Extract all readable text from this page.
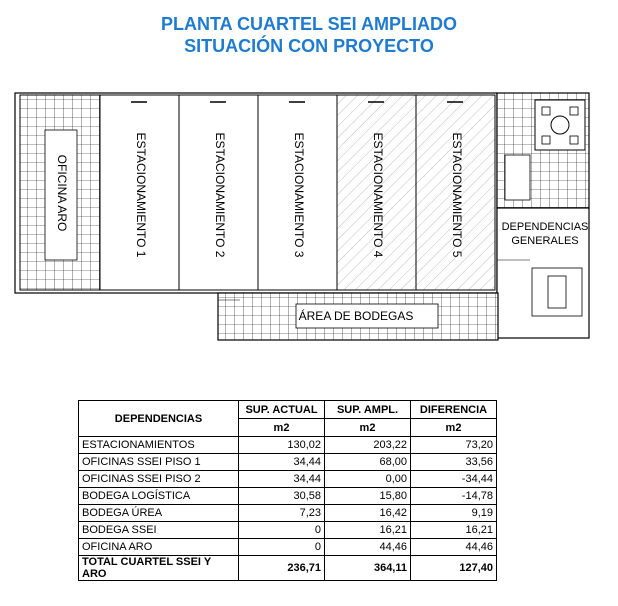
PLANTA CUARTEL SEI AMPLIADO
SITUACIÓN CON PROYECTO
OFICINA ARO	ESTACIONAMIENTO 1	ESTACIONAMIENTO 2	ESTACIONAMIENTO 3	ESTACIONAMIENTO 4	ESTACIONAMIENTO 5	DEPENDENCIAS
GENERALES
ÁREA DE BODEGAS
DEPENDENCIAS	SUP. ACTUAL	SUP. AMPL.	DIFERENCIA
	m2	m2	m2
ESTACIONAMIENTOS	130,02	203,22	73,20
OFICINAS SSEI PISO 1	34,44	68,00	33,56
OFICINAS SSEI PISO 2	34,44	0,00	-34,44
BODEGA LOGÍSTICA	30,58	15,80	-14,78
BODEGA ÚREA	7,23	16,42	9,19
BODEGA SSEI	0	16,21	16,21
OFICINA ARO	0	44,46	44,46
TOTAL CUARTEL SSEI Y ARO	236,71	364,11	127,40
